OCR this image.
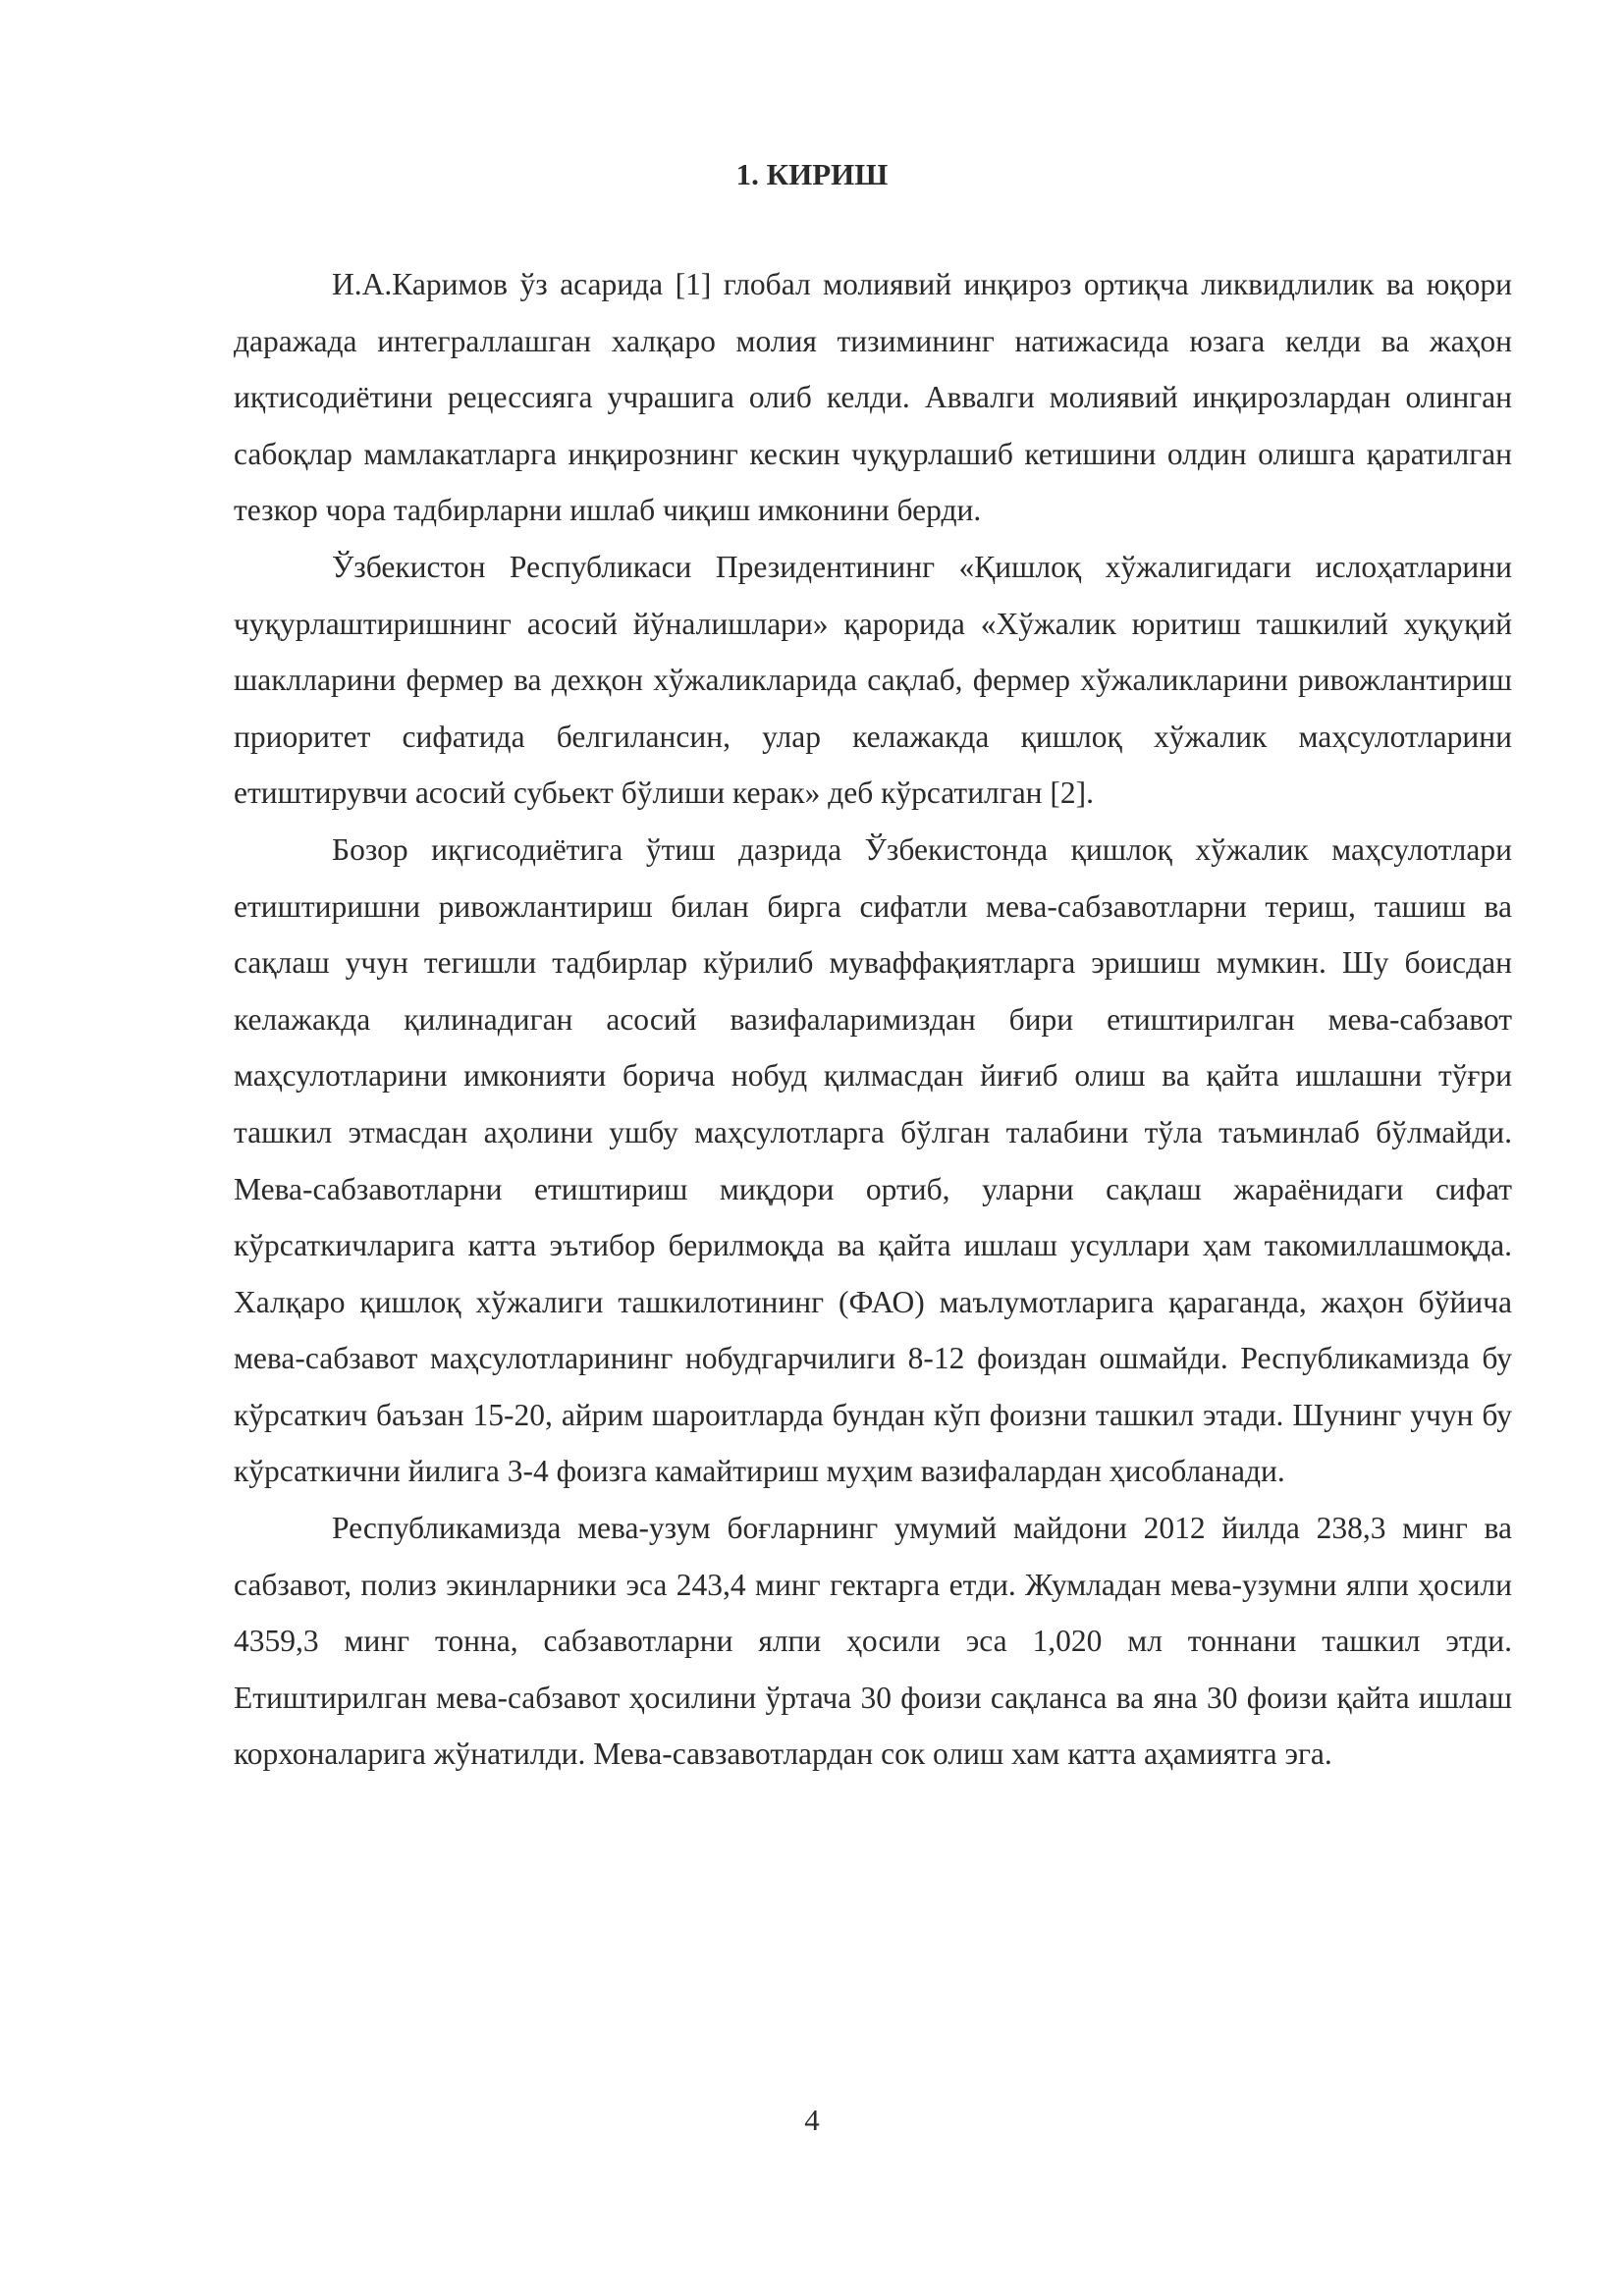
1. КИРИШ

И.А.Каримов ўз асарида [1] глобал молиявий инқироз ортиқча ликвидлилик ва юқори даражада интеграллашган халқаро молия тизимининг натижасида юзага келди ва жаҳон иқтисодиётини рецессияга учрашига олиб келди. Аввалги молиявий инқирозлардан олинган сабоқлар мамлакатларга инқирознинг кескин чуқурлашиб кетишини олдин олишга қаратилган тезкор чора тадбирларни ишлаб чиқиш имконини берди.

Ўзбекистон Республикаси Президентининг «Қишлоқ хўжалигидаги ислоҳатларини чуқурлаштиришнинг асосий йўналишлари» қарорида «Хўжалик юритиш ташкилий хуқуқий шаклларини фермер ва дехқон хўжаликларида сақлаб, фермер хўжаликларини ривожлантириш приоритет сифатида белгилансин, улар келажакда қишлоқ хўжалик маҳсулотларини етиштирувчи асосий субьект бўлиши керак» деб кўрсатилган [2].

Бозор иқгисодиётига ўтиш дазрида Ўзбекистонда қишлоқ хўжалик маҳсулотлари етиштиришни ривожлантириш билан бирга сифатли мева-сабзавотларни териш, ташиш ва сақлаш учун тегишли тадбирлар кўрилиб муваффақиятларга эришиш мумкин. Шу боисдан келажакда қилинадиган асосий вазифаларимиздан бири етиштирилган мева-сабзавот маҳсулотларини имконияти борича нобуд қилмасдан йиғиб олиш ва қайта ишлашни тўғри ташкил этмасдан аҳолини ушбу маҳсулотларга бўлган талабини тўла таъминлаб бўлмайди. Мева-сабзавотларни етиштириш миқдори ортиб, уларни сақлаш жараёнидаги сифат кўрсаткичларига катта эътибор берилмоқда ва қайта ишлаш усуллари ҳам такомиллашмоқда. Халқаро қишлоқ хўжалиги ташкилотининг (ФАО) маълумотларига қараганда, жаҳон бўйича мева-сабзавот маҳсулотларининг нобудгарчилиги 8-12 фоиздан ошмайди. Республикамизда бу кўрсаткич баъзан 15-20, айрим шароитларда бундан кўп фоизни ташкил этади. Шунинг учун бу кўрсаткични йилига 3-4 фоизга камайтириш муҳим вазифалардан ҳисобланади.

Республикамизда мева-узум боғларнинг умумий майдони 2012 йилда 238,3 минг ва сабзавот, полиз экинларники эса 243,4 минг гектарга етди. Жумладан мева-узумни ялпи ҳосили 4359,3 минг тонна, сабзавотларни ялпи ҳосили эса 1,020 мл тоннани ташкил этди. Етиштирилган мева-сабзавот ҳосилини ўртача 30 фоизи сақланса ва яна 30 фоизи қайта ишлаш корхоналарига жўнатилди. Мева-савзавотлардан сок олиш хам катта аҳамиятга эга.

4
